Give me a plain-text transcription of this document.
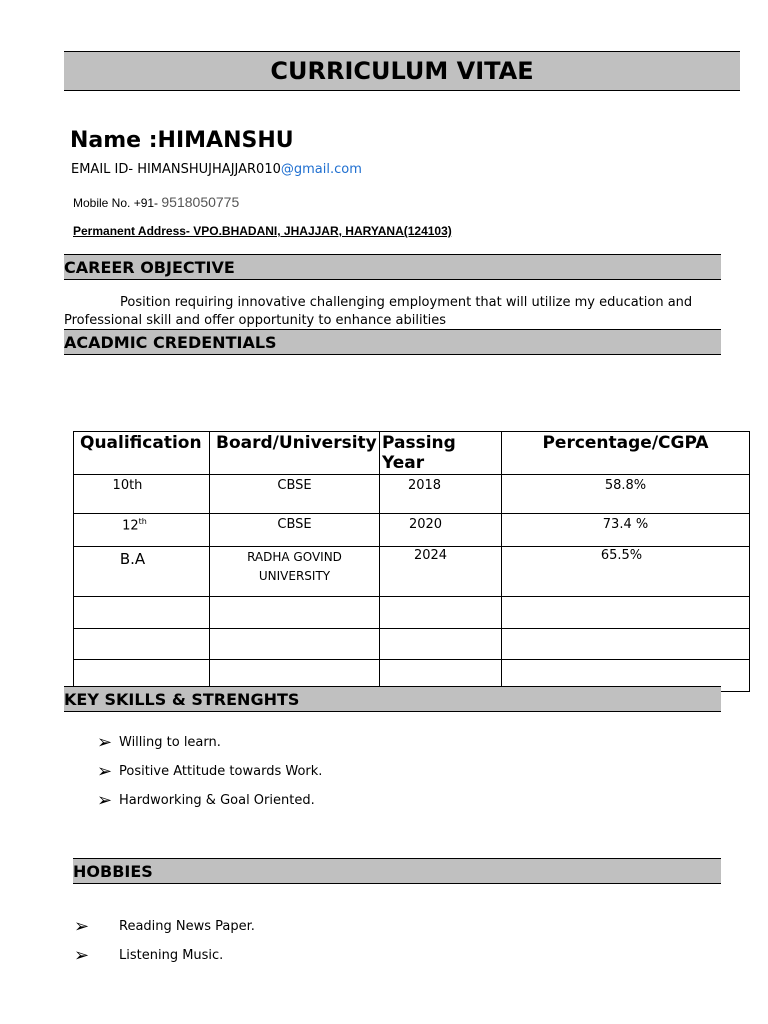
CURRICULUM VITAE
Name :HIMANSHU
EMAIL ID- HIMANSHUJHAJJAR010@gmail.com
Mobile No. +91- 9518050775
Permanent Address- VPO.BHADANI, JHAJJAR, HARYANA(124103)
CAREER OBJECTIVE
Position requiring innovative challenging employment that will utilize my education and Professional skill and offer opportunity to enhance abilities
ACADMIC CREDENTIALS
Qualification	Board/University	Passing Year	Percentage/CGPA
10th	CBSE	2018	58.8%
12th	CBSE	2020	73.4 %
B.A	RADHA GOVIND UNIVERSITY	2024	65.5%

KEY SKILLS & STRENGHTS
➢ Willing to learn.
➢ Positive Attitude towards Work.
➢ Hardworking & Goal Oriented.
HOBBIES
➢	Reading News Paper.
➢	Listening Music.
